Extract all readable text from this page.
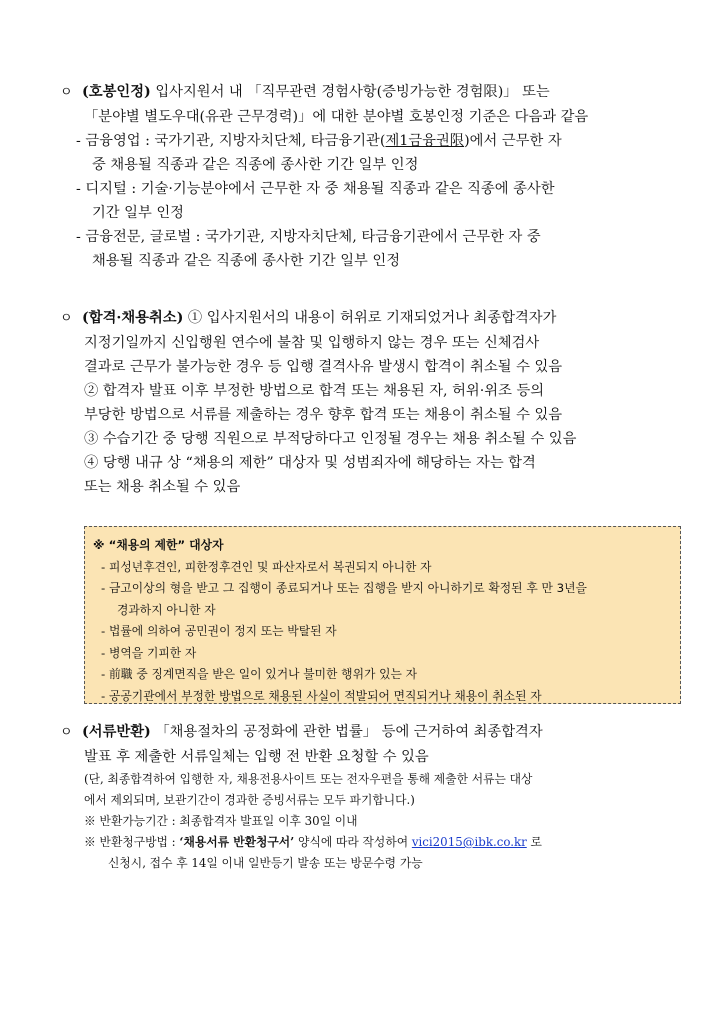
ㅇ (호봉인정) 입사지원서 내 「직무관련 경험사항(증빙가능한 경험限)」 또는
「분야별 별도우대(유관 근무경력)」에 대한 분야별 호봉인정 기준은 다음과 같음
- 금융영업 : 국가기관, 지방자치단체, 타금융기관(제1금융권限)에서 근무한 자
중 채용될 직종과 같은 직종에 종사한 기간 일부 인정
- 디지털 : 기술·기능분야에서 근무한 자 중 채용될 직종과 같은 직종에 종사한
기간 일부 인정
- 금융전문, 글로벌 : 국가기관, 지방자치단체, 타금융기관에서 근무한 자 중
채용될 직종과 같은 직종에 종사한 기간 일부 인정
ㅇ (합격·채용취소) ① 입사지원서의 내용이 허위로 기재되었거나 최종합격자가
지정기일까지 신입행원 연수에 불참 및 입행하지 않는 경우 또는 신체검사
결과로 근무가 불가능한 경우 등 입행 결격사유 발생시 합격이 취소될 수 있음
② 합격자 발표 이후 부정한 방법으로 합격 또는 채용된 자, 허위·위조 등의
부당한 방법으로 서류를 제출하는 경우 향후 합격 또는 채용이 취소될 수 있음
③ 수습기간 중 당행 직원으로 부적당하다고 인정될 경우는 채용 취소될 수 있음
④ 당행 내규 상 “채용의 제한” 대상자 및 성범죄자에 해당하는 자는 합격
또는 채용 취소될 수 있음
※ “채용의 제한” 대상자
- 피성년후견인, 피한정후견인 및 파산자로서 복권되지 아니한 자
- 금고이상의 형을 받고 그 집행이 종료되거나 또는 집행을 받지 아니하기로 확정된 후 만 3년을
경과하지 아니한 자
- 법률에 의하여 공민권이 정지 또는 박탈된 자
- 병역을 기피한 자
- 前職 중 징계면직을 받은 일이 있거나 불미한 행위가 있는 자
- 공공기관에서 부정한 방법으로 채용된 사실이 적발되어 면직되거나 채용이 취소된 자
ㅇ (서류반환) 「채용절차의 공정화에 관한 법률」 등에 근거하여 최종합격자
발표 후 제출한 서류일체는 입행 전 반환 요청할 수 있음
(단, 최종합격하여 입행한 자, 채용전용사이트 또는 전자우편을 통해 제출한 서류는 대상
에서 제외되며, 보관기간이 경과한 증빙서류는 모두 파기합니다.)
※ 반환가능기간 : 최종합격자 발표일 이후 30일 이내
※ 반환청구방법 : ‘채용서류 반환청구서’ 양식에 따라 작성하여 vici2015@ibk.co.kr 로
신청시, 접수 후 14일 이내 일반등기 발송 또는 방문수령 가능
